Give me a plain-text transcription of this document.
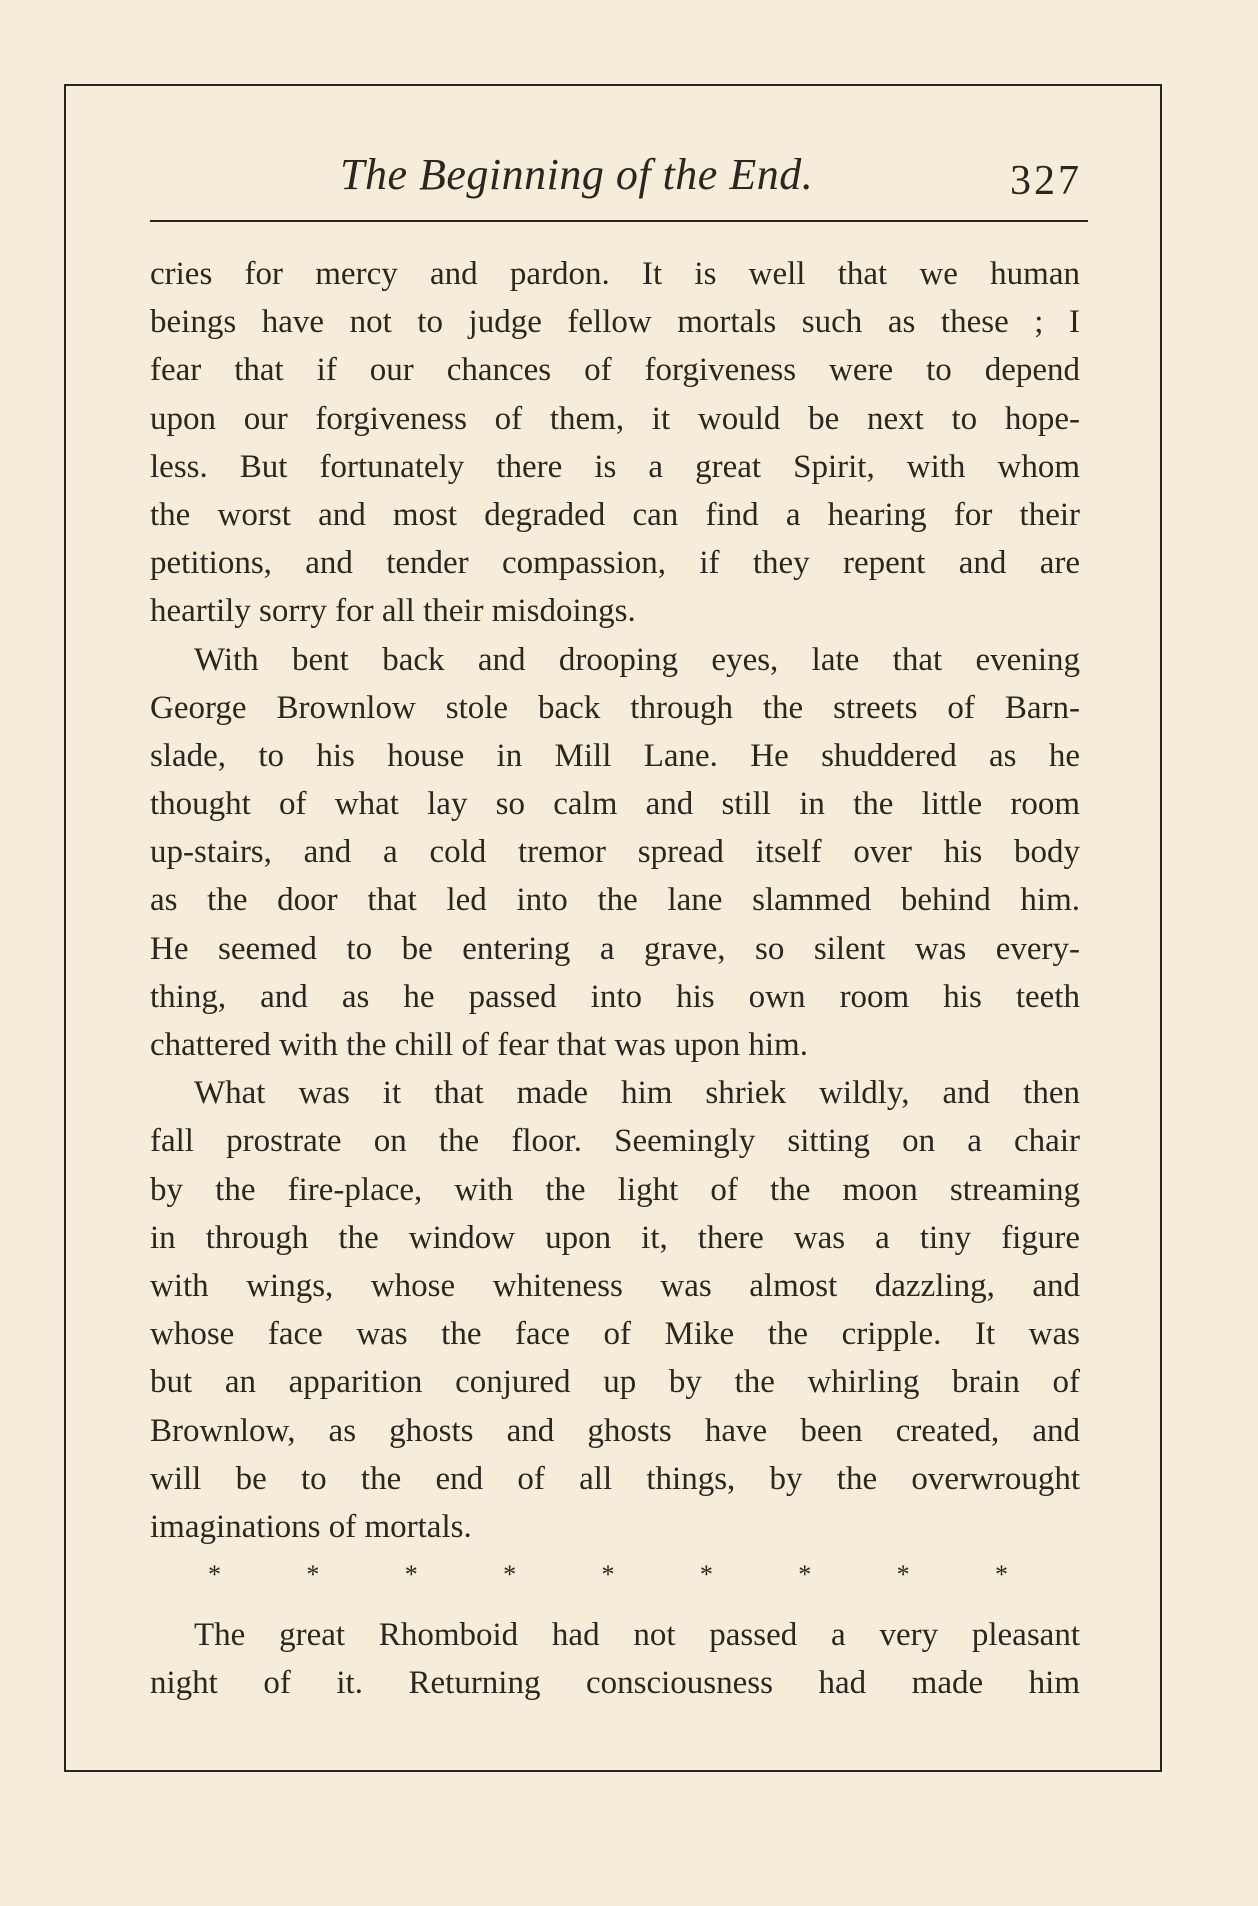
The Beginning of the End.	327
cries for mercy and pardon. It is well that we human
beings have not to judge fellow mortals such as these ; I
fear that if our chances of forgiveness were to depend
upon our forgiveness of them, it would be next to hope-
less. But fortunately there is a great Spirit, with whom
the worst and most degraded can find a hearing for their
petitions, and tender compassion, if they repent and are
heartily sorry for all their misdoings.
With bent back and drooping eyes, late that evening
George Brownlow stole back through the streets of Barn-
slade, to his house in Mill Lane. He shuddered as he
thought of what lay so calm and still in the little room
up-stairs, and a cold tremor spread itself over his body
as the door that led into the lane slammed behind him.
He seemed to be entering a grave, so silent was every-
thing, and as he passed into his own room his teeth
chattered with the chill of fear that was upon him.
What was it that made him shriek wildly, and then
fall prostrate on the floor. Seemingly sitting on a chair
by the fire-place, with the light of the moon streaming
in through the window upon it, there was a tiny figure
with wings, whose whiteness was almost dazzling, and
whose face was the face of Mike the cripple. It was
but an apparition conjured up by the whirling brain of
Brownlow, as ghosts and ghosts have been created, and
will be to the end of all things, by the overwrought
imaginations of mortals.
*	*	*	*	*	*	*	*	*
The great Rhomboid had not passed a very pleasant
night of it. Returning consciousness had made him
